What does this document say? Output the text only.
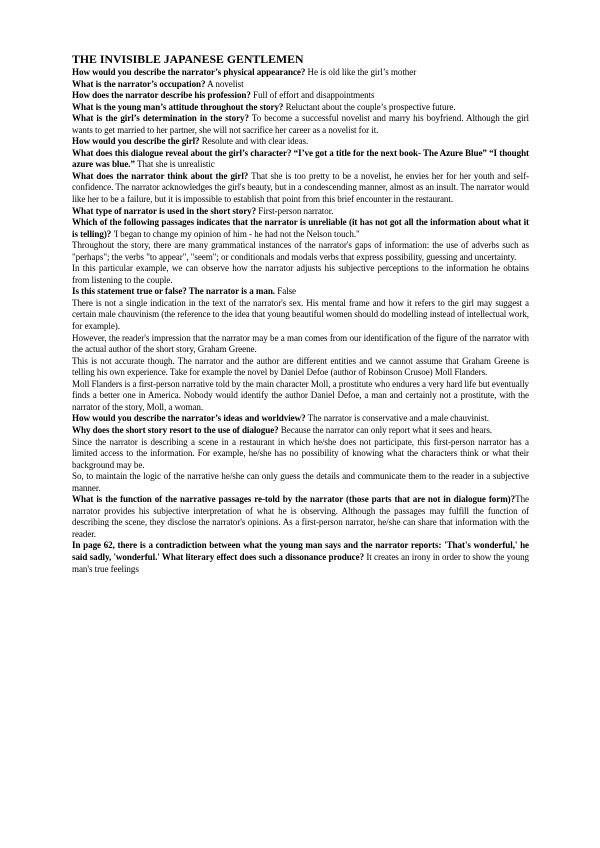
THE INVISIBLE JAPANESE GENTLEMEN

How would you describe the narrator’s physical appearance? He is old like the girl’s mother

What is the narrator’s occupation? A novelist

How does the narrator describe his profession? Full of effort and disappointments

What is the young man’s attitude throughout the story? Reluctant about the couple’s prospective future.

What is the girl’s determination in the story? To become a successful novelist and marry his boyfriend. Although the girl wants to get married to her partner, she will not sacrifice her career as a novelist for it.

How would you describe the girl? Resolute and with clear ideas.

What does this dialogue reveal about the girl’s character? “I’ve got a title for the next book- The Azure Blue” “I thought azure was blue.” That she is unrealistic

What does the narrator think about the girl? That she is too pretty to be a novelist, he envies her for her youth and self-confidence. The narrator acknowledges the girl's beauty, but in a condescending manner, almost as an insult. The narrator would like her to be a failure, but it is impossible to establish that point from this brief encounter in the restaurant.

What type of narrator is used in the short story? First-person narrator.

Which of the following passages indicates that the narrator is unreliable (it has not got all the information about what it is telling)? 'I began to change my opinion of him - he had not the Nelson touch."

Throughout the story, there are many grammatical instances of the narrator's gaps of information: the use of adverbs such as "perhaps"; the verbs "to appear", "seem"; or conditionals and modals verbs that express possibility, guessing and uncertainty.

In this particular example, we can observe how the narrator adjusts his subjective perceptions to the information he obtains from listening to the couple.

Is this statement true or false? The narrator is a man. False

There is not a single indication in the text of the narrator's sex. His mental frame and how it refers to the girl may suggest a certain male chauvinism (the reference to the idea that young beautiful women should do modelling instead of intellectual work, for example).

However, the reader's impression that the narrator may be a man comes from our identification of the figure of the narrator with the actual author of the short story, Graham Greene.

This is not accurate though. The narrator and the author are different entities and we cannot assume that Graham Greene is telling his own experience. Take for example the novel by Daniel Defoe (author of Robinson Crusoe) Moll Flanders.

Moll Flanders is a first-person narrative told by the main character Moll, a prostitute who endures a very hard life but eventually finds a better one in America. Nobody would identify the author Daniel Defoe, a man and certainly not a prostitute, with the narrator of the story, Moll, a woman.

How would you describe the narrator’s ideas and worldview? The narrator is conservative and a male chauvinist.

Why does the short story resort to the use of dialogue? Because the narrator can only report what it sees and hears.

Since the narrator is describing a scene in a restaurant in which he/she does not participate, this first-person narrator has a limited access to the information. For example, he/she has no possibility of knowing what the characters think or what their background may be.

So, to maintain the logic of the narrative he/she can only guess the details and communicate them to the reader in a subjective manner.

What is the function of the narrative passages re-told by the narrator (those parts that are not in dialogue form)?The narrator provides his subjective interpretation of what he is observing. Although the passages may fulfill the function of describing the scene, they disclose the narrator's opinions. As a first-person narrator, he/she can share that information with the reader.

In page 62, there is a contradiction between what the young man says and the narrator reports: 'That's wonderful,' he said sadly, 'wonderful.' What literary effect does such a dissonance produce? It creates an irony in order to show the young man's true feelings
